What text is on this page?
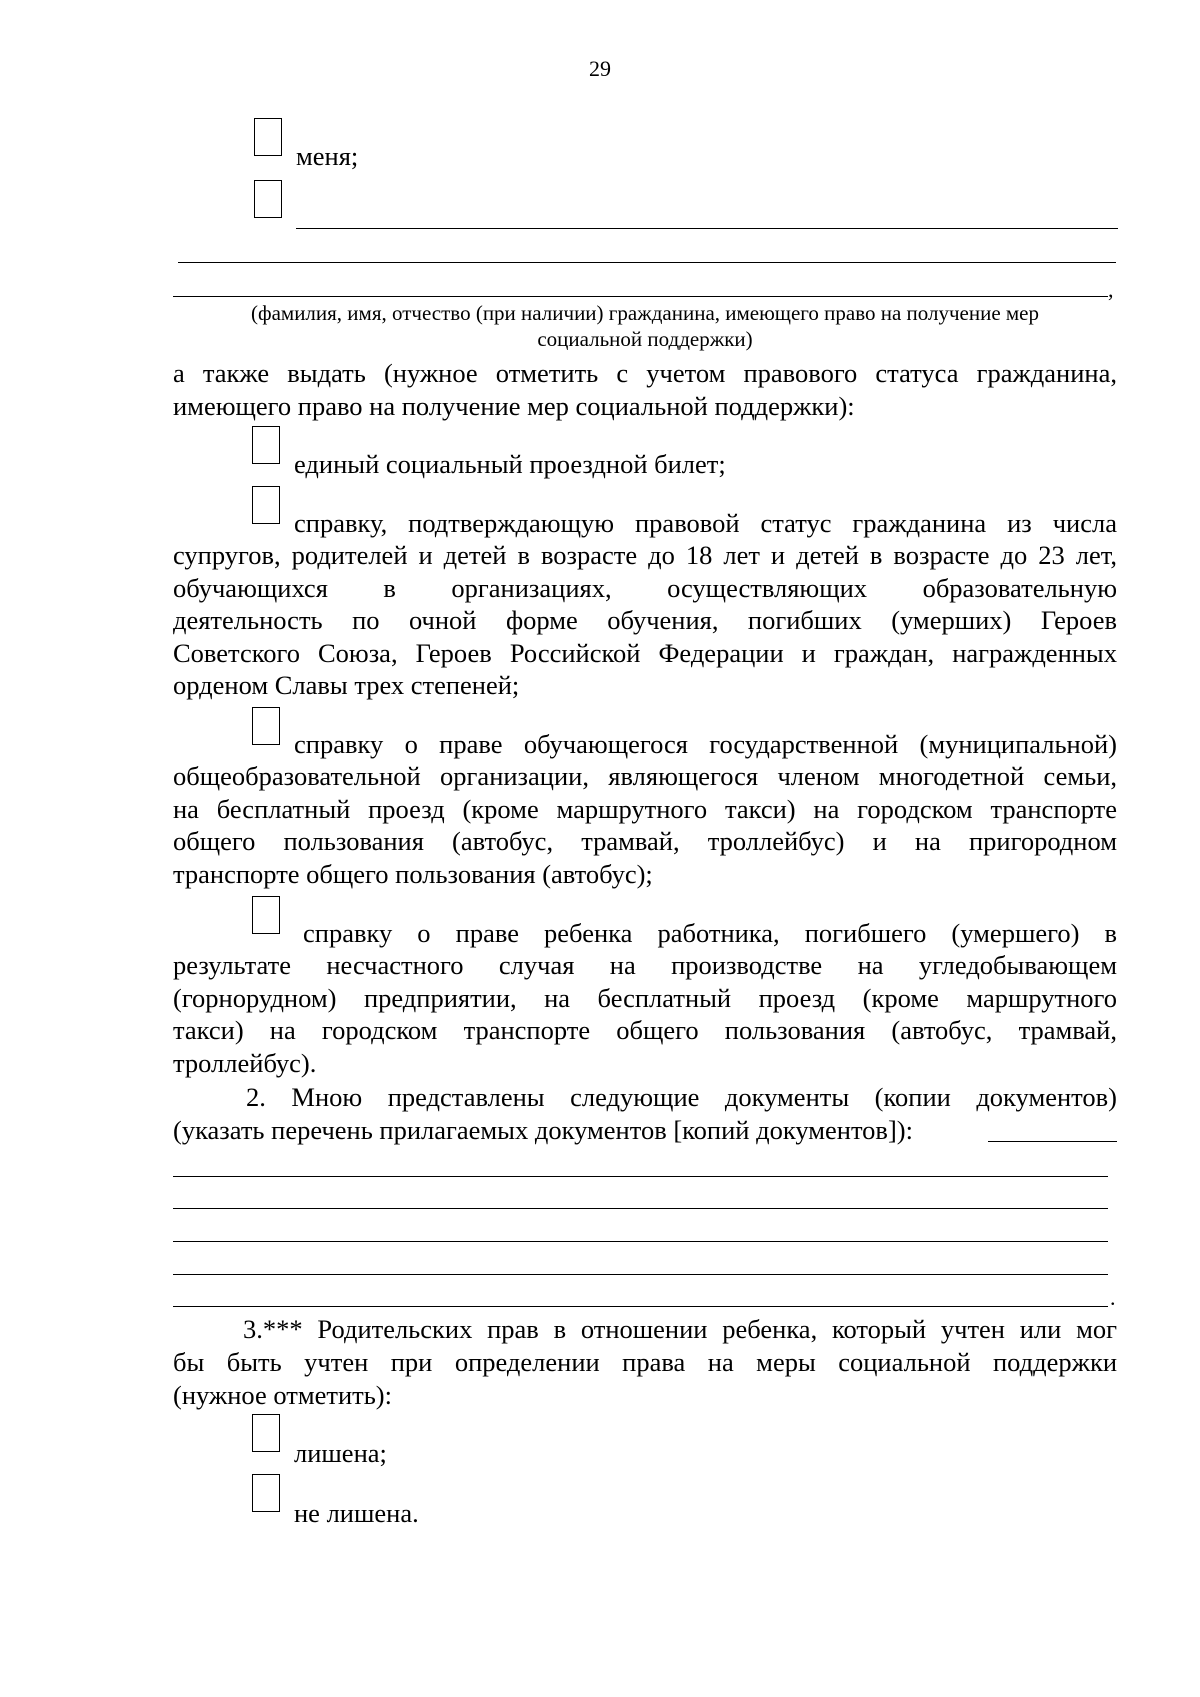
29
меня;
,
(фамилия, имя, отчество (при наличии) гражданина, имеющего право на получение мер
социальной поддержки)
а также выдать (нужное отметить с учетом правового статуса гражданина,
имеющего право на получение мер социальной поддержки):
единый социальный проездной билет;
справку, подтверждающую правовой статус гражданина из числа
супругов, родителей и детей в возрасте до 18 лет и детей в возрасте до 23 лет,
обучающихся в организациях, осуществляющих образовательную
деятельность по очной форме обучения, погибших (умерших) Героев
Советского Союза, Героев Российской Федерации и граждан, награжденных
орденом Славы трех степеней;
справку о праве обучающегося государственной (муниципальной)
общеобразовательной организации, являющегося членом многодетной семьи,
на бесплатный проезд (кроме маршрутного такси) на городском транспорте
общего пользования (автобус, трамвай, троллейбус) и на пригородном
транспорте общего пользования (автобус);
справку о праве ребенка работника, погибшего (умершего) в
результате несчастного случая на производстве на угледобывающем
(горнорудном) предприятии, на бесплатный проезд (кроме маршрутного
такси) на городском транспорте общего пользования (автобус, трамвай,
троллейбус).
2. Мною представлены следующие документы (копии документов)
(указать перечень прилагаемых документов [копий документов]):
.
3.*** Родительских прав в отношении ребенка, который учтен или мог
бы быть учтен при определении права на меры социальной поддержки
(нужное отметить):
лишена;
не лишена.
